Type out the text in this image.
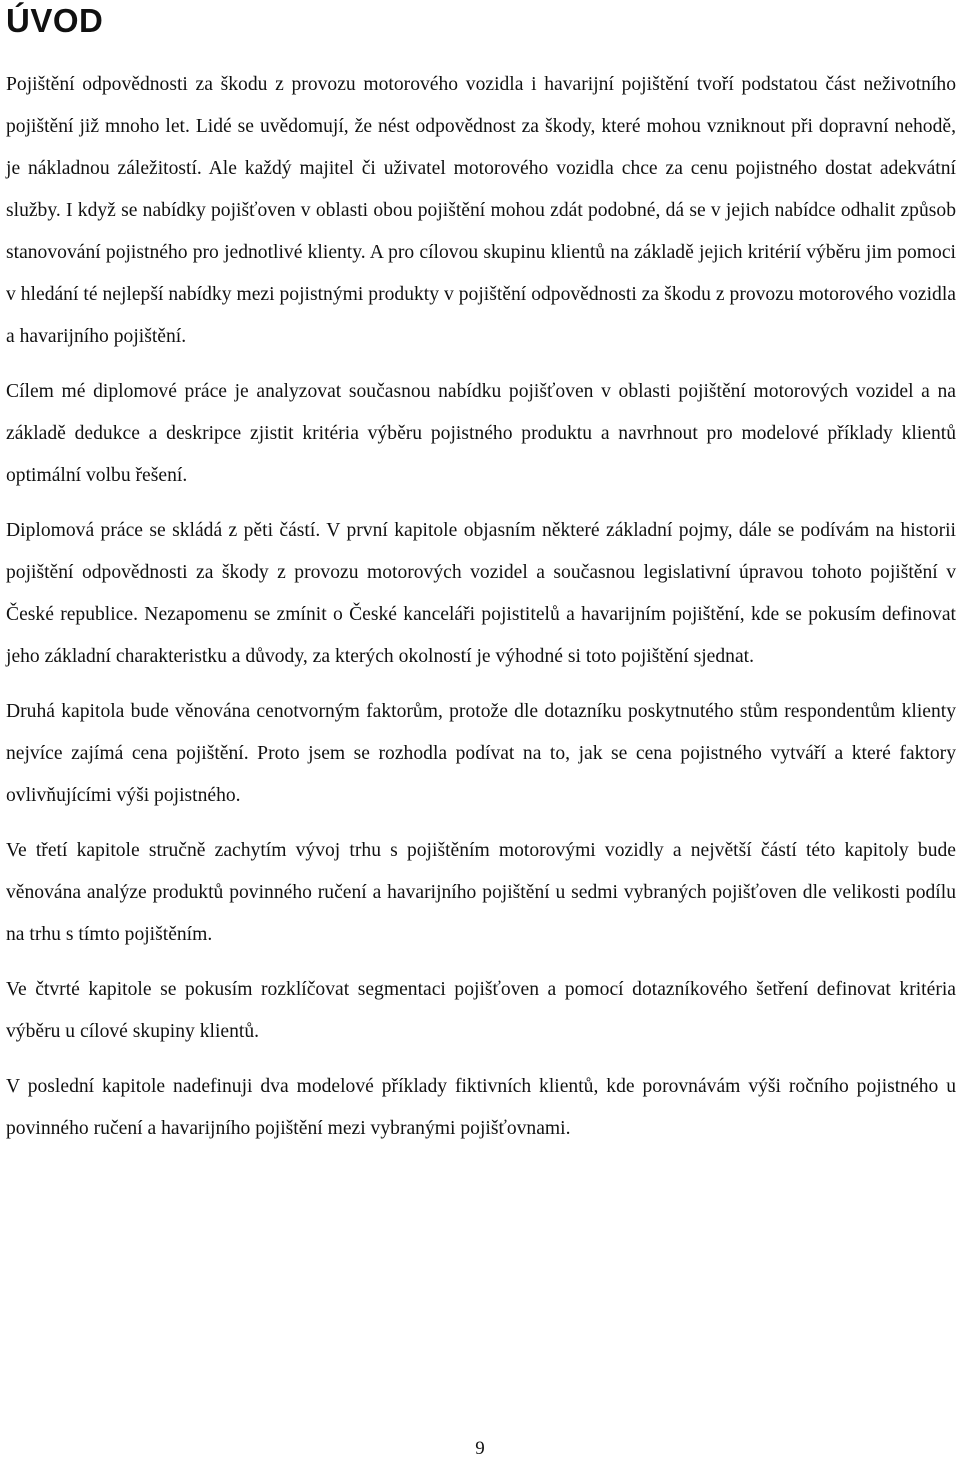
ÚVOD

Pojištění odpovědnosti za škodu z provozu motorového vozidla i havarijní pojištění tvoří podstatou část neživotního pojištění již mnoho let. Lidé se uvědomují, že nést odpovědnost za škody, které mohou vzniknout při dopravní nehodě, je nákladnou záležitostí. Ale každý majitel či uživatel motorového vozidla chce za cenu pojistného dostat adekvátní služby. I když se nabídky pojišťoven v oblasti obou pojištění mohou zdát podobné, dá se v jejich nabídce odhalit způsob stanovování pojistného pro jednotlivé klienty. A pro cílovou skupinu klientů na základě jejich kritérií výběru jim pomoci v hledání té nejlepší nabídky mezi pojistnými produkty v pojištění odpovědnosti za škodu z provozu motorového vozidla a havarijního pojištění.

Cílem mé diplomové práce je analyzovat současnou nabídku pojišťoven v oblasti pojištění motorových vozidel a na základě dedukce a deskripce zjistit kritéria výběru pojistného produktu a navrhnout pro modelové příklady klientů optimální volbu řešení.

Diplomová práce se skládá z pěti částí. V první kapitole objasním některé základní pojmy, dále se podívám na historii pojištění odpovědnosti za škody z provozu motorových vozidel a současnou legislativní úpravou tohoto pojištění v České republice. Nezapomenu se zmínit o České kanceláři pojistitelů a havarijním pojištění, kde se pokusím definovat jeho základní charakteristku a důvody, za kterých okolností je výhodné si toto pojištění sjednat.

Druhá kapitola bude věnována cenotvorným faktorům, protože dle dotazníku poskytnutého stům respondentům klienty nejvíce zajímá cena pojištění. Proto jsem se rozhodla podívat na to, jak se cena pojistného vytváří a které faktory ovlivňujícími výši pojistného.

Ve třetí kapitole stručně zachytím vývoj trhu s pojištěním motorovými vozidly a největší částí této kapitoly bude věnována analýze produktů povinného ručení a havarijního pojištění u sedmi vybraných pojišťoven dle velikosti podílu na trhu s tímto pojištěním.

Ve čtvrté kapitole se pokusím rozklíčovat segmentaci pojišťoven a pomocí dotazníkového šetření definovat kritéria výběru u cílové skupiny klientů.

V poslední kapitole nadefinuji dva modelové příklady fiktivních klientů, kde porovnávám výši ročního pojistného u povinného ručení a havarijního pojištění mezi vybranými pojišťovnami.

9
